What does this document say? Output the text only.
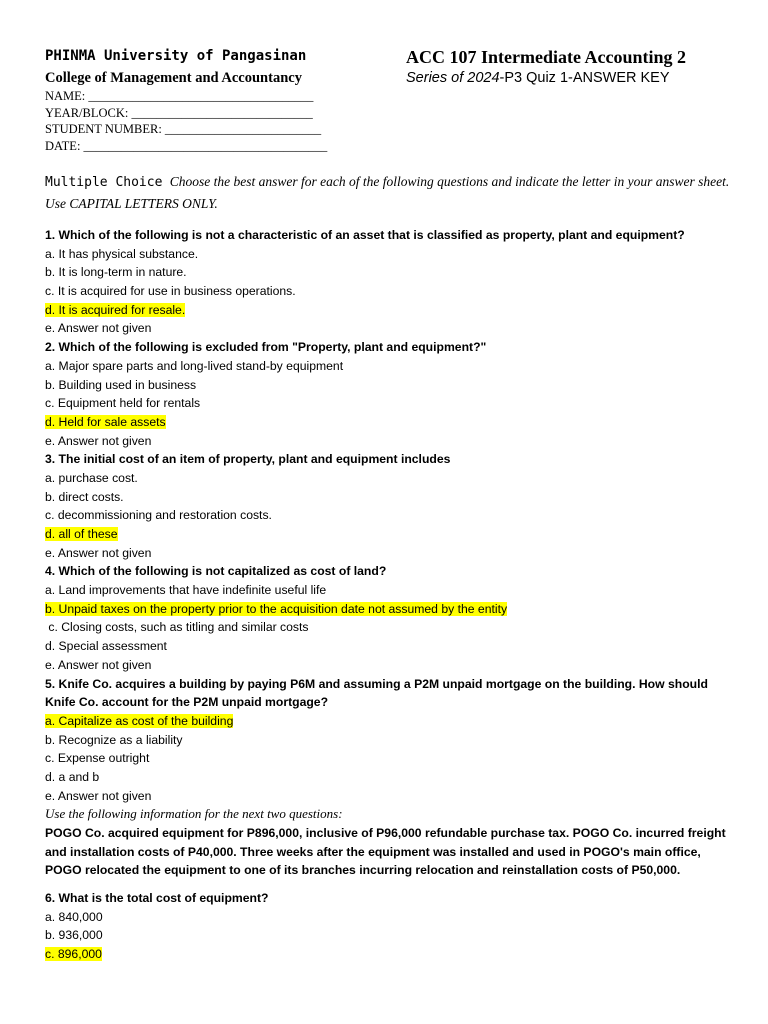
PHINMA University of Pangasinan
College of Management and Accountancy
NAME: ____________________________________
YEAR/BLOCK: _____________________________
STUDENT NUMBER: _________________________
DATE: _______________________________________
ACC 107 Intermediate Accounting 2
Series of 2024-P3 Quiz 1-ANSWER KEY
Multiple Choice Choose the best answer for each of the following questions and indicate the letter in your answer sheet. Use CAPITAL LETTERS ONLY.
1. Which of the following is not a characteristic of an asset that is classified as property, plant and equipment?
a. It has physical substance.
b. It is long-term in nature.
c. It is acquired for use in business operations.
d. It is acquired for resale.
e. Answer not given
2. Which of the following is excluded from "Property, plant and equipment?"
a. Major spare parts and long-lived stand-by equipment
b. Building used in business
c. Equipment held for rentals
d. Held for sale assets
e. Answer not given
3. The initial cost of an item of property, plant and equipment includes
a. purchase cost.
b. direct costs.
c. decommissioning and restoration costs.
d. all of these
e. Answer not given
4. Which of the following is not capitalized as cost of land?
a. Land improvements that have indefinite useful life
b. Unpaid taxes on the property prior to the acquisition date not assumed by the entity
c. Closing costs, such as titling and similar costs
d. Special assessment
e. Answer not given
5. Knife Co. acquires a building by paying P6M and assuming a P2M unpaid mortgage on the building. How should
Knife Co. account for the P2M unpaid mortgage?
a. Capitalize as cost of the building
b. Recognize as a liability
c. Expense outright
d. a and b
e. Answer not given
Use the following information for the next two questions:
POGO Co. acquired equipment for P896,000, inclusive of P96,000 refundable purchase tax. POGO Co. incurred freight
and installation costs of P40,000. Three weeks after the equipment was installed and used in POGO's main office,
POGO relocated the equipment to one of its branches incurring relocation and reinstallation costs of P50,000.
6. What is the total cost of equipment?
a. 840,000
b. 936,000
c. 896,000
